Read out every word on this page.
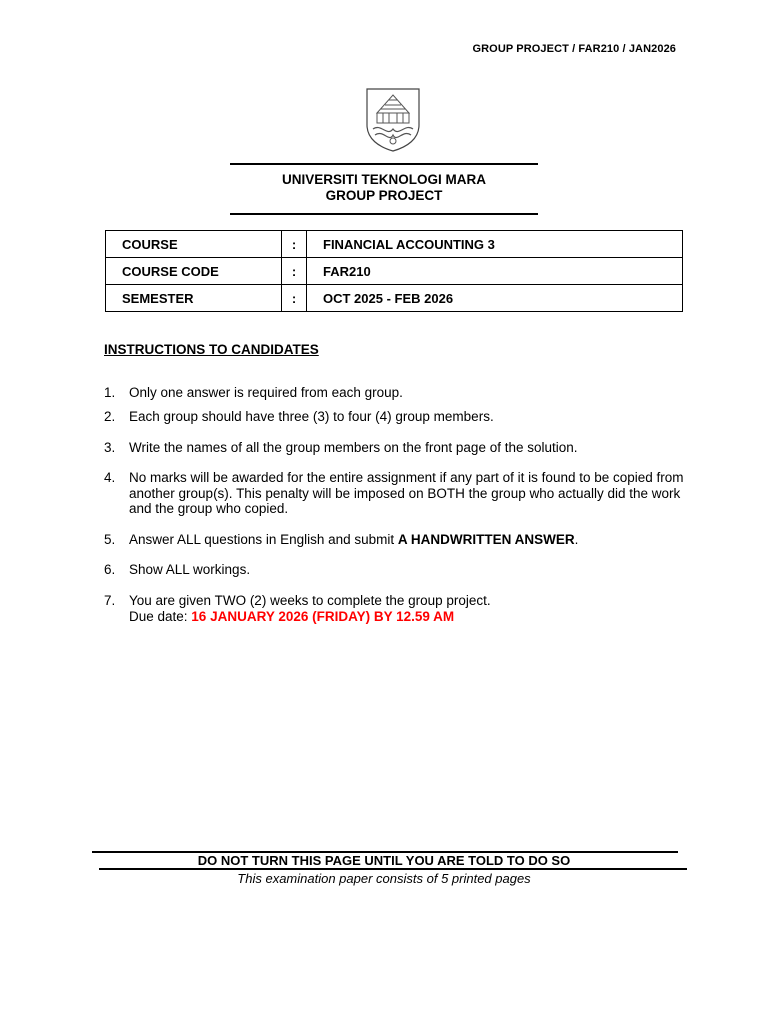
GROUP PROJECT / FAR210 / JAN2026
UNIVERSITI TEKNOLOGI MARA
GROUP PROJECT
COURSE	:	FINANCIAL ACCOUNTING 3
COURSE CODE	:	FAR210
SEMESTER	:	OCT 2025 - FEB 2026
INSTRUCTIONS TO CANDIDATES
1. Only one answer is required from each group.
2. Each group should have three (3) to four (4) group members.
3. Write the names of all the group members on the front page of the solution.
4. No marks will be awarded for the entire assignment if any part of it is found to be copied from another group(s). This penalty will be imposed on BOTH the group who actually did the work and the group who copied.
5. Answer ALL questions in English and submit A HANDWRITTEN ANSWER.
6. Show ALL workings.
7. You are given TWO (2) weeks to complete the group project.
Due date: 16 JANUARY 2026 (FRIDAY) BY 12.59 AM
DO NOT TURN THIS PAGE UNTIL YOU ARE TOLD TO DO SO
This examination paper consists of 5 printed pages
